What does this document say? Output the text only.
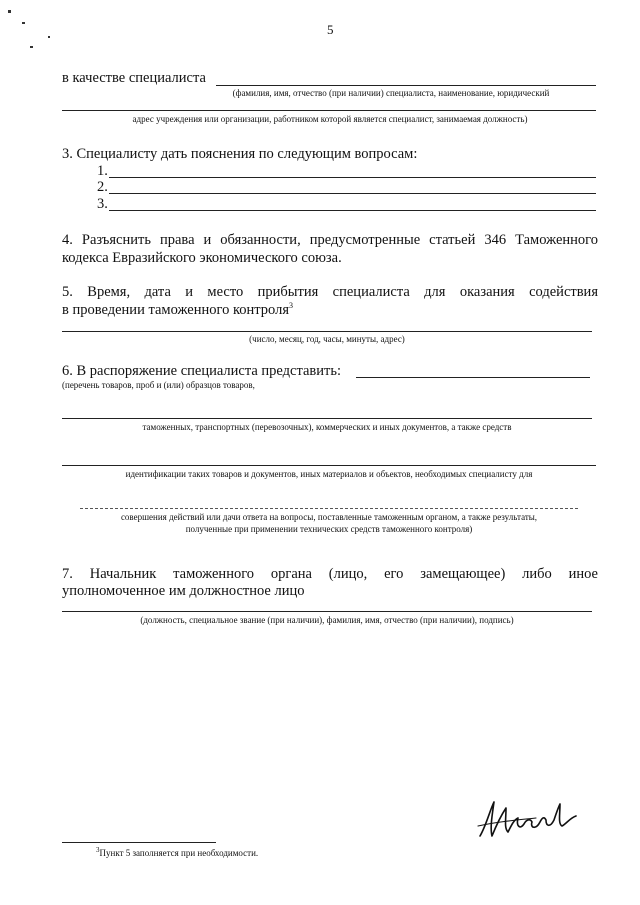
5
в качестве специалиста
(фамилия, имя, отчество (при наличии) специалиста, наименование, юридический
адрес учреждения или организации, работником которой является специалист, занимаемая должность)
3. Специалисту дать пояснения по следующим вопросам:
1.
2.
3.
4. Разъяснить права и обязанности, предусмотренные статьей 346 Таможенного
кодекса Евразийского экономического союза.
5. Время, дата и место прибытия специалиста для оказания содействия
в проведении таможенного контроля$^3$
(число, месяц, год, часы, минуты, адрес)
6. В распоряжение специалиста представить:
(перечень товаров, проб и (или) образцов товаров,
таможенных, транспортных (перевозочных), коммерческих и иных документов, а также средств
идентификации таких товаров и документов, иных материалов и объектов, необходимых специалисту для
совершения действий или дачи ответа на вопросы, поставленные таможенным органом, а также результаты,
полученные при применении технических средств таможенного контроля)
7. Начальник таможенного органа (лицо, его замещающее) либо иное
уполномоченное им должностное лицо
(должность, специальное звание (при наличии), фамилия, имя, отчество (при наличии), подпись)
$^3$Пункт 5 заполняется при необходимости.
